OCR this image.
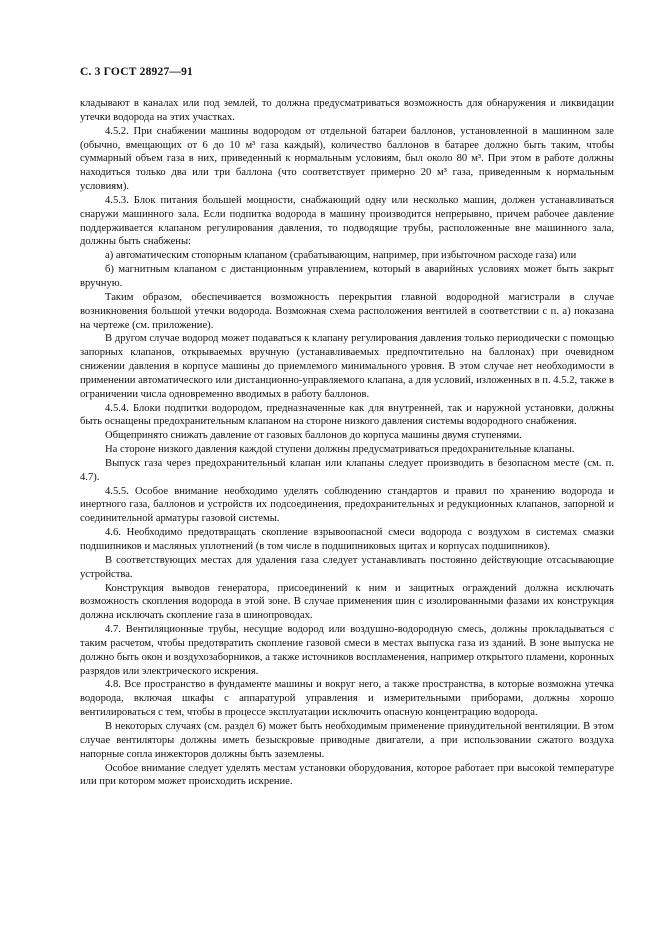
С. 3 ГОСТ 28927—91

кладывают в каналах или под землей, то должна предусматриваться возможность для обнаружения и ликвидации утечки водорода на этих участках.

4.5.2. При снабжении машины водородом от отдельной батареи баллонов, установленной в машинном зале (обычно, вмещающих от 6 до 10 м³ газа каждый), количество баллонов в батарее должно быть таким, чтобы суммарный объем газа в них, приведенный к нормальным условиям, был около 80 м³. При этом в работе должны находиться только два или три баллона (что соответствует примерно 20 м³ газа, приведенным к нормальным условиям).

4.5.3. Блок питания большей мощности, снабжающий одну или несколько машин, должен устанавливаться снаружи машинного зала. Если подпитка водорода в машину производится непрерывно, причем рабочее давление поддерживается клапаном регулирования давления, то подводящие трубы, расположенные вне машинного зала, должны быть снабжены:

а) автоматическим стопорным клапаном (срабатывающим, например, при избыточном расходе газа) или

б) магнитным клапаном с дистанционным управлением, который в аварийных условиях может быть закрыт вручную.

Таким образом, обеспечивается возможность перекрытия главной водородной магистрали в случае возникновения большой утечки водорода. Возможная схема расположения вентилей в соответствии с п. а) показана на чертеже (см. приложение).

В другом случае водород может подаваться к клапану регулирования давления только периодически с помощью запорных клапанов, открываемых вручную (устанавливаемых предпочтительно на баллонах) при очевидном снижении давления в корпусе машины до приемлемого минимального уровня. В этом случае нет необходимости в применении автоматического или дистанционно-управляемого клапана, а для условий, изложенных в п. 4.5.2, также в ограничении числа одновременно вводимых в работу баллонов.

4.5.4. Блоки подпитки водородом, предназначенные как для внутренней, так и наружной установки, должны быть оснащены предохранительным клапаном на стороне низкого давления системы водородного снабжения.

Общепринято снижать давление от газовых баллонов до корпуса машины двумя ступенями.

На стороне низкого давления каждой ступени должны предусматриваться предохранительные клапаны.

Выпуск газа через предохранительный клапан или клапаны следует производить в безопасном месте (см. п. 4.7).

4.5.5. Особое внимание необходимо уделять соблюдению стандартов и правил по хранению водорода и инертного газа, баллонов и устройств их подсоединения, предохранительных и редукционных клапанов, запорной и соединительной арматуры газовой системы.

4.6. Необходимо предотвращать скопление взрывоопасной смеси водорода с воздухом в системах смазки подшипников и масляных уплотнений (в том числе в подшипниковых щитах и корпусах подшипников).

В соответствующих местах для удаления газа следует устанавливать постоянно действующие отсасывающие устройства.

Конструкция выводов генератора, присоединений к ним и защитных ограждений должна исключать возможность скопления водорода в этой зоне. В случае применения шин с изолированными фазами их конструкция должна исключать скопление газа в шинопроводах.

4.7. Вентиляционные трубы, несущие водород или воздушно-водородную смесь, должны прокладываться с таким расчетом, чтобы предотвратить скопление газовой смеси в местах выпуска газа из зданий. В зоне выпуска не должно быть окон и воздухозаборников, а также источников воспламенения, например открытого пламени, коронных разрядов или электрического искрения.

4.8. Все пространство в фундаменте машины и вокруг него, а также пространства, в которые возможна утечка водорода, включая шкафы с аппаратурой управления и измерительными приборами, должны хорошо вентилироваться с тем, чтобы в процессе эксплуатации исключить опасную концентрацию водорода.

В некоторых случаях (см. раздел 6) может быть необходимым применение принудительной вентиляции. В этом случае вентиляторы должны иметь безыскровые приводные двигатели, а при использовании сжатого воздуха напорные сопла инжекторов должны быть заземлены.

Особое внимание следует уделять местам установки оборудования, которое работает при высокой температуре или при котором может происходить искрение.
